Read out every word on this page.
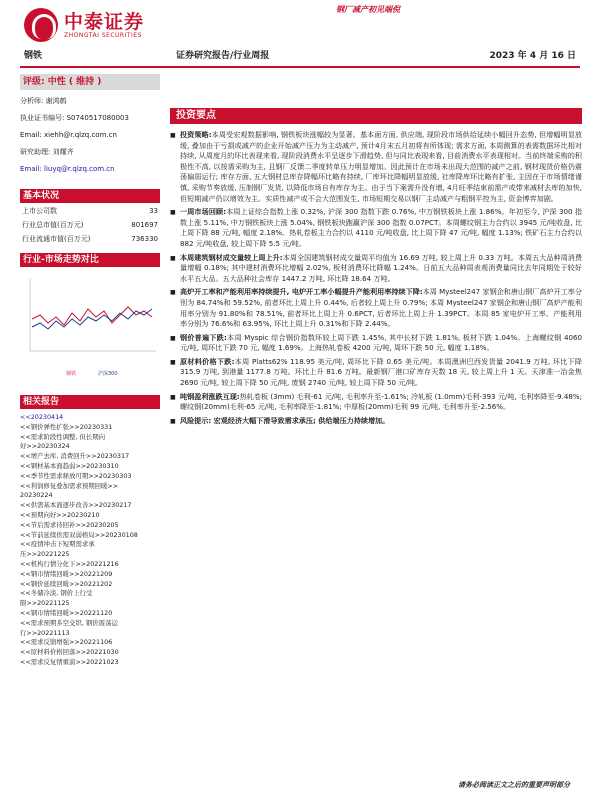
中泰证券
ZHONGTAI SECURITIES
钢厂减产初见端倪
钢铁	证券研究报告/行业周报	2023 年 4 月 16 日
评级: 中性 ( 维持 )
分析师: 谢鸿鹤
执业证书编号: S0740517080003
Email: xiehh@r.qlzq.com.cn
研究助理: 刘耀齐
Email: liuyq@r.qlzq.com.cn
基本状况
上市公司数	33
行业总市值(百万元)	801697
行业流通市值(百万元)	736330
行业-市场走势对比
钢铁	沪深300
相关报告
<<20230414
<<钢价弹性扩张>>20230331
<<需求阶段性调整, 但长期向
好>>20230324
<<增产去库, 消费回升>>20230317
<<钢材基本面趋弱>>20230310
<<季节性需求释放可期>>20230303
<<利润修复叠加需求预期回暖>>
20230224
<<供需基本面逐步改善>>20230217
<<预期向好>>20230210
<<节后需求待回补>>20230205
<<节前延续供需双弱格局>>20230108
<<疫情冲击下短期需求承
压>>20221225
<<机构行情分化下>>20221216
<<钢市情绪回暖>>20221209
<<钢价延续回暖>>20221202
<<冬储冷淡, 钢价上行受
限>>20221125
<<钢市情绪回暖>>20221120
<<需求预期多空交织, 钢价震荡运
行>>20221113
<<需求反馈增强>>20221106
<<原材料价格回落>>20221030
<<需求反复情重演>>20221023
投资要点
■ 投资策略:本周受宏观数据影响, 钢铁板块涨幅较为显著。基本面方面, 供应端, 现阶段市场供给延续小幅回升态势, 但增幅明显放缓, 叠加由于亏损或减产的企业开始减产压力为主动减产, 预计4月末五月初将有所体现; 需求方面, 本周测算的表需数据环比相对持续, 从周度月的环比表现来看, 现阶段消费水平呈逐步下滑趋势, 但与同比表现来看, 目前消费水平表现相对。当前终端采购的积极性不高, 以按需采购为主, 且钢厂反馈二季度转单压力明显增加。因此预计在市场未出现大范围的减产之前, 钢材现货价格仍震荡偏弱运行; 库存方面, 五大钢材总库存降幅环比略有持续, 厂库环比降幅明显放缓, 社库降库环比略有扩张, 主因在于市场情绪谨慎, 采购节奏放缓, 压制钢厂发货, 以降低市场自有库存为主。由于当下案需升没有增, 4月旺季结束前需产或带来减材去库的加快, 但短期减产仍以增效为主。实质性减产或不会大范围发生, 市场短期交易以钢厂主动减产与粗钢平控为主, 资金博弈加剧。
■ 一周市场回顾:本周上证综合指数上涨 0.32%, 沪深 300 指数下跌 0.76%, 中万钢铁板块上涨 1.86%。年初至今, 沪深 300 指数上涨 5.11%, 中万钢铁板块上涨 5.04%, 钢铁板块跑赢沪深 300 指数 0.07PCT。本周螺纹钢主力合约以 3945 元/吨收盘, 比上周下降 88 元/吨, 幅度 2.18%。热轧卷板主力合约以 4110 元/吨收盘, 比上周下降 47 元/吨, 幅度 1.13%; 铁矿石主力合约以 882 元/吨收盘, 较上周下降 5.5 元/吨。
■ 本周建筑钢材成交量较上周上升:本周全国建筑钢材成交量周平均值为 16.69 万吨, 较上周上升 0.33 万吨。本周五大品种周消费量增幅 0.18%; 其中建材消费环比增幅 2.02%, 板材消费环比降幅 1.24%。日前五大品种周表观消费量同比去年同期处于较好水平五大品。五大品种社会库存 1447.2 万吨, 环比降 18.64 万吨。
■ 高炉开工率和产能利用率持续提升, 电炉开工率小幅提升产能利用率持续下降:本周 Mysteel247 家钢企和唐山钢厂高炉开工率分别为 84.74%和 59.52%, 前者环比上周上升 0.44%, 后者较上周上升 0.79%; 本周 Mysteel247 家钢企和唐山钢厂高炉产能利用率分别为 91.80%和 78.51%, 前者环比上周上升 0.6PCT, 后者环比上周上升 1.39PCT。本周 85 家电炉开工率、产能利用率分别为 76.6%和 63.95%, 环比上周上升 0.31%和下降 2.44%。
■ 钢价普遍下跌:本周 Myspic 综合钢价指数环较上周下跌 1.45%, 其中长材下跌 1.81%, 板材下跌 1.04%。上海螺纹钢 4060 元/吨, 周环比下跌 70 元, 幅度 1.69%。上海热轧卷板 4200 元/吨, 周环下跌 50 元, 幅度 1.18%。
■ 原材料价格下跌:本周 Platts62% 118.95 美元/吨, 周环比下降 0.65 美元/吨。本周澳洲巴西发货量 2041.9 万吨, 环比下降 315.9 万吨, 到港量 1177.8 万吨。环比上升 81.6 万吨。最新钢厂港口矿库存天数 18 天, 较上周上升 1 天。天津准一冶金焦 2690 元/吨, 较上周下降 50 元/吨, 废钢 2740 元/吨, 较上周下降 50 元/吨。
■ 吨钢盈利涨跌互现:热轧卷板 (3mm) 毛利-61 元/吨, 毛利率升至-1.61%; 冷轧板 (1.0mm)毛利-393 元/吨, 毛利率降至-9.48%; 螺纹钢(20mm)毛利-65 元/吨, 毛利率降至-1.81%; 中厚板(20mm)毛利 99 元/吨, 毛利率升至-2.56%。
■ 风险提示: 宏观经济大幅下滑导致需求承压; 供给端压力持续增加。
请务必阅读正文之后的重要声明部分
